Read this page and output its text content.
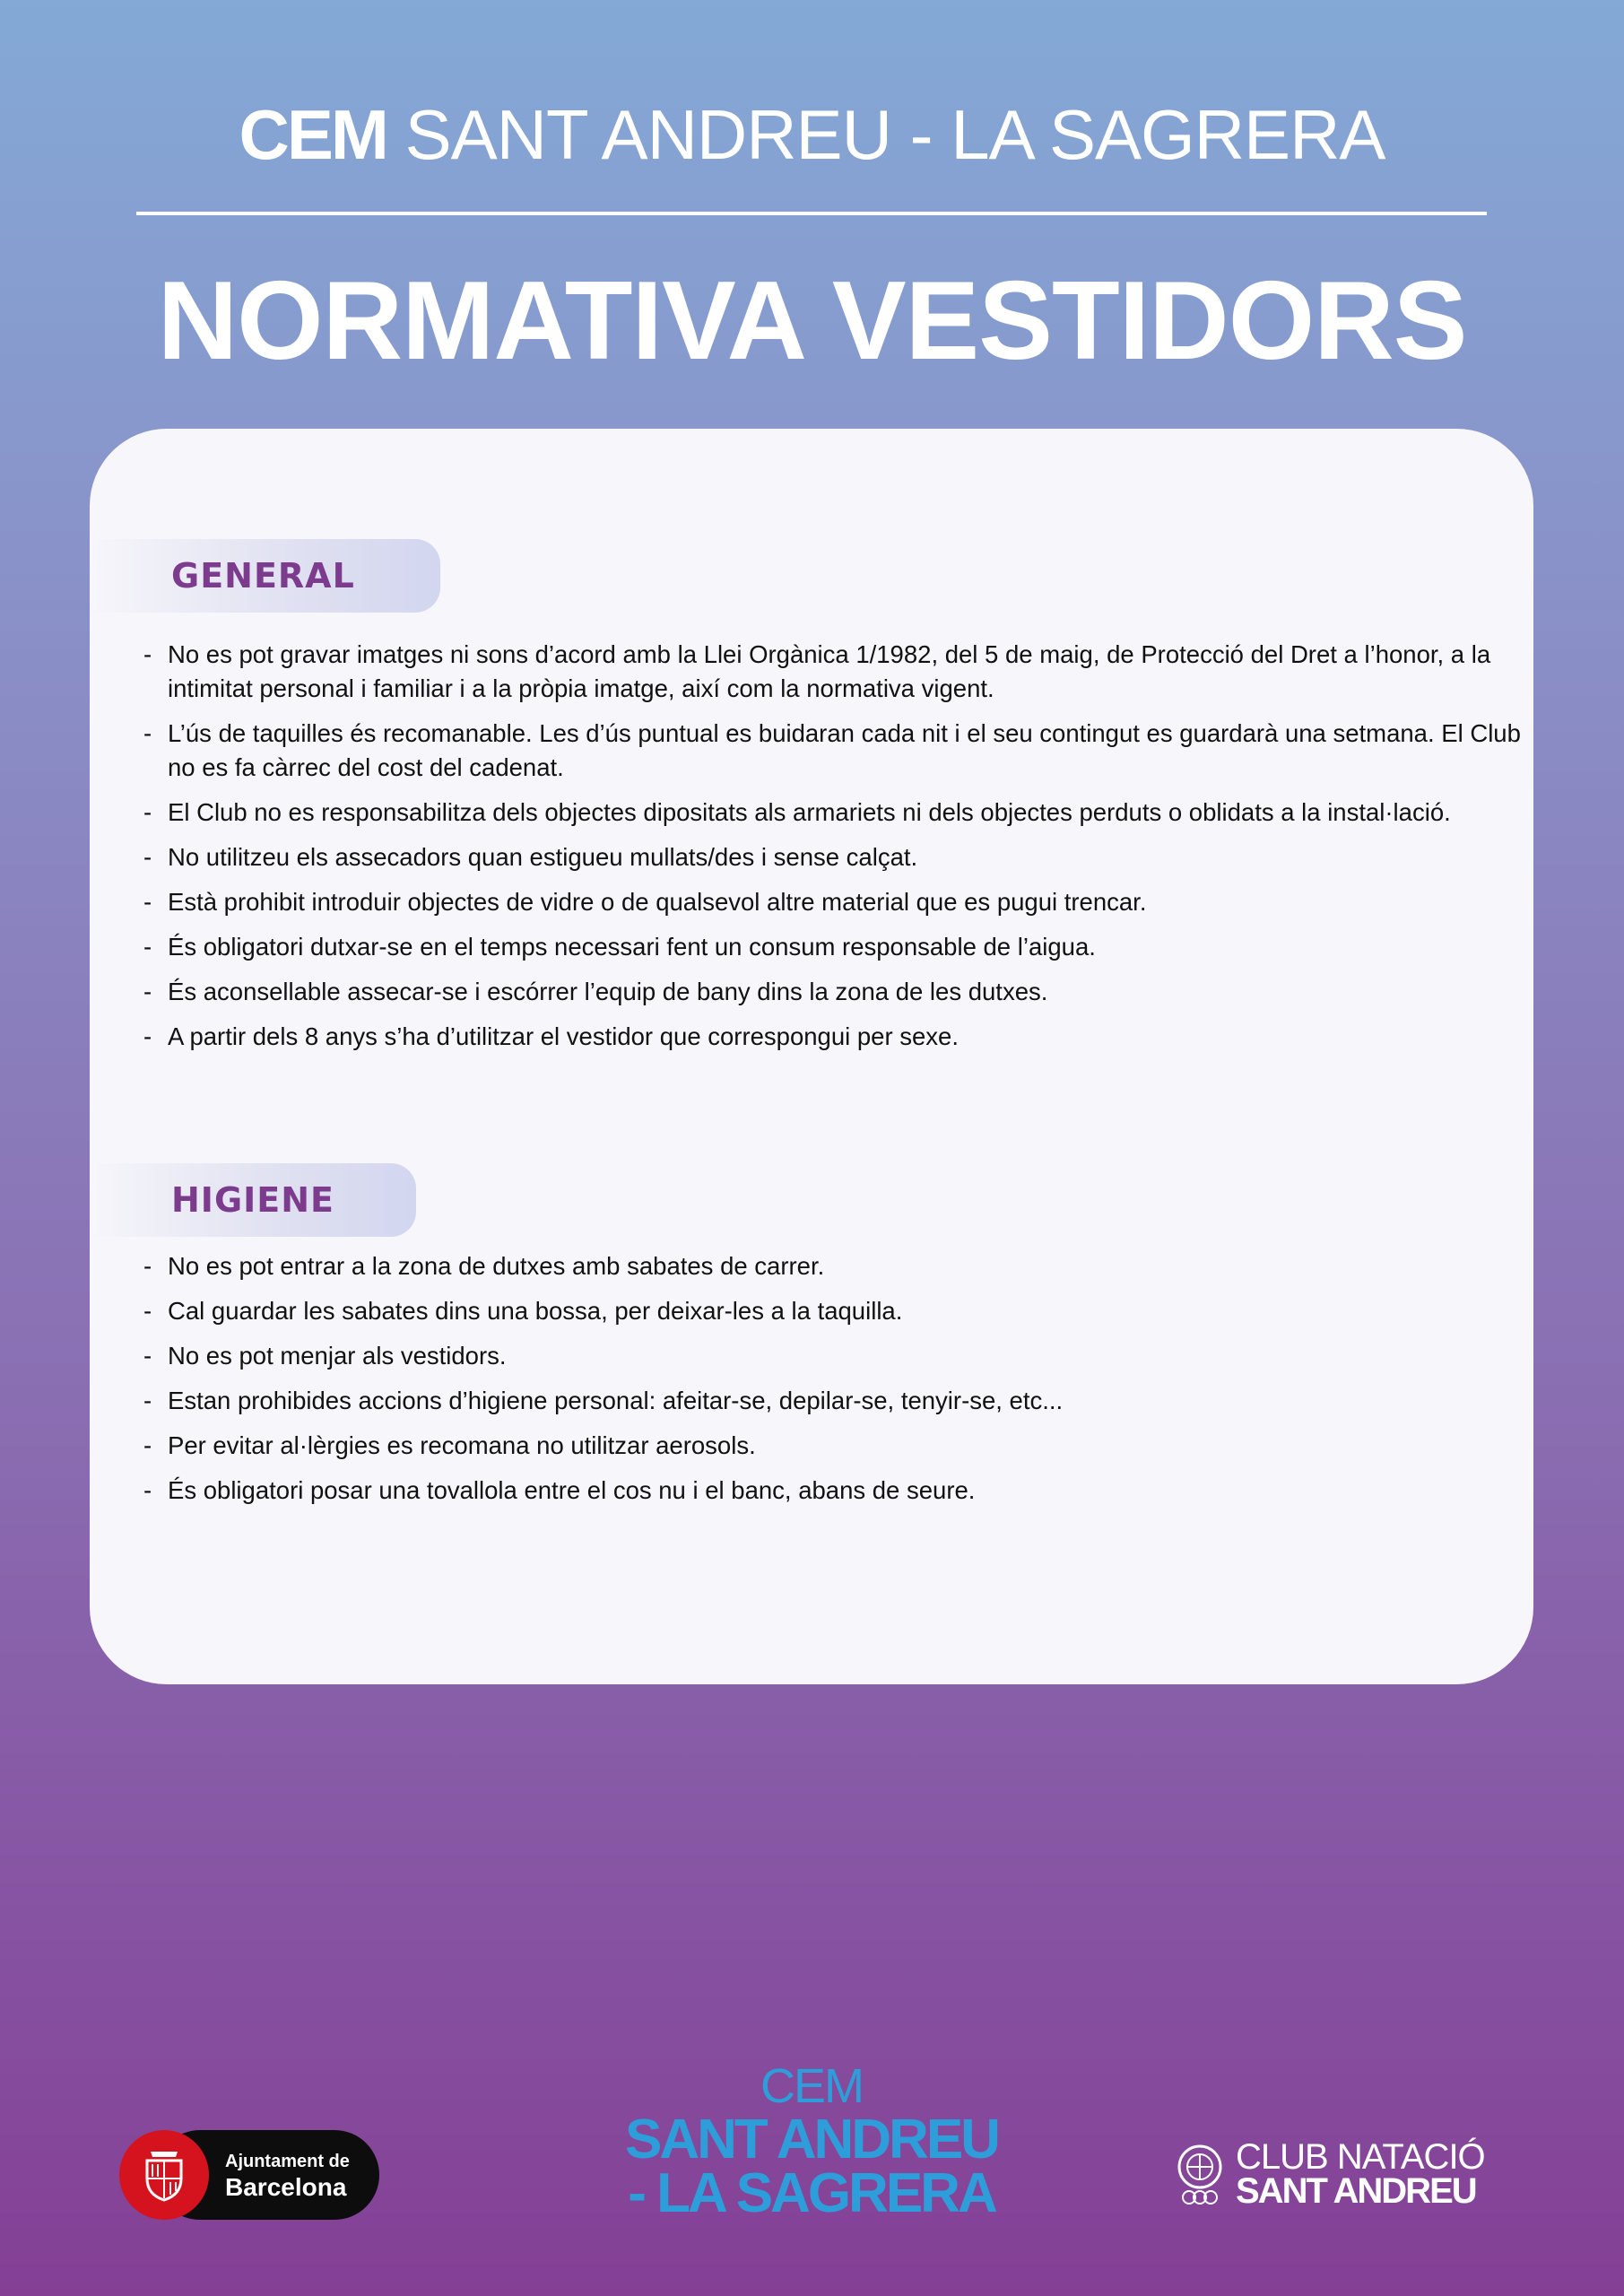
CEM SANT ANDREU - LA SAGRERA
NORMATIVA VESTIDORS
GENERAL
- No es pot gravar imatges ni sons d’acord amb la Llei Orgànica 1/1982, del 5 de maig, de Protecció del Dret a l’honor, a la intimitat personal i familiar i a la pròpia imatge, així com la normativa vigent.
- L’ús de taquilles és recomanable. Les d’ús puntual es buidaran cada nit i el seu contingut es guardarà una setmana. El Club no es fa càrrec del cost del cadenat.
- El Club no es responsabilitza dels objectes dipositats als armariets ni dels objectes perduts o oblidats a la instal·lació.
- No utilitzeu els assecadors quan estigueu mullats/des i sense calçat.
- Està prohibit introduir objectes de vidre o de qualsevol altre material que es pugui trencar.
- És obligatori dutxar-se en el temps necessari fent un consum responsable de l’aigua.
- És aconsellable assecar-se i escórrer l’equip de bany dins la zona de les dutxes.
- A partir dels 8 anys s’ha d’utilitzar el vestidor que correspongui per sexe.
HIGIENE
- No es pot entrar a la zona de dutxes amb sabates de carrer.
- Cal guardar les sabates dins una bossa, per deixar-les a la taquilla.
- No es pot menjar als vestidors.
- Estan prohibides accions d’higiene personal: afeitar-se, depilar-se, tenyir-se, etc...
- Per evitar al·lèrgies es recomana no utilitzar aerosols.
- És obligatori posar una tovallola entre el cos nu i el banc, abans de seure.
Ajuntament de
Barcelona
CEM
SANT ANDREU
- LA SAGRERA
CLUB NATACIÓ
SANT ANDREU
